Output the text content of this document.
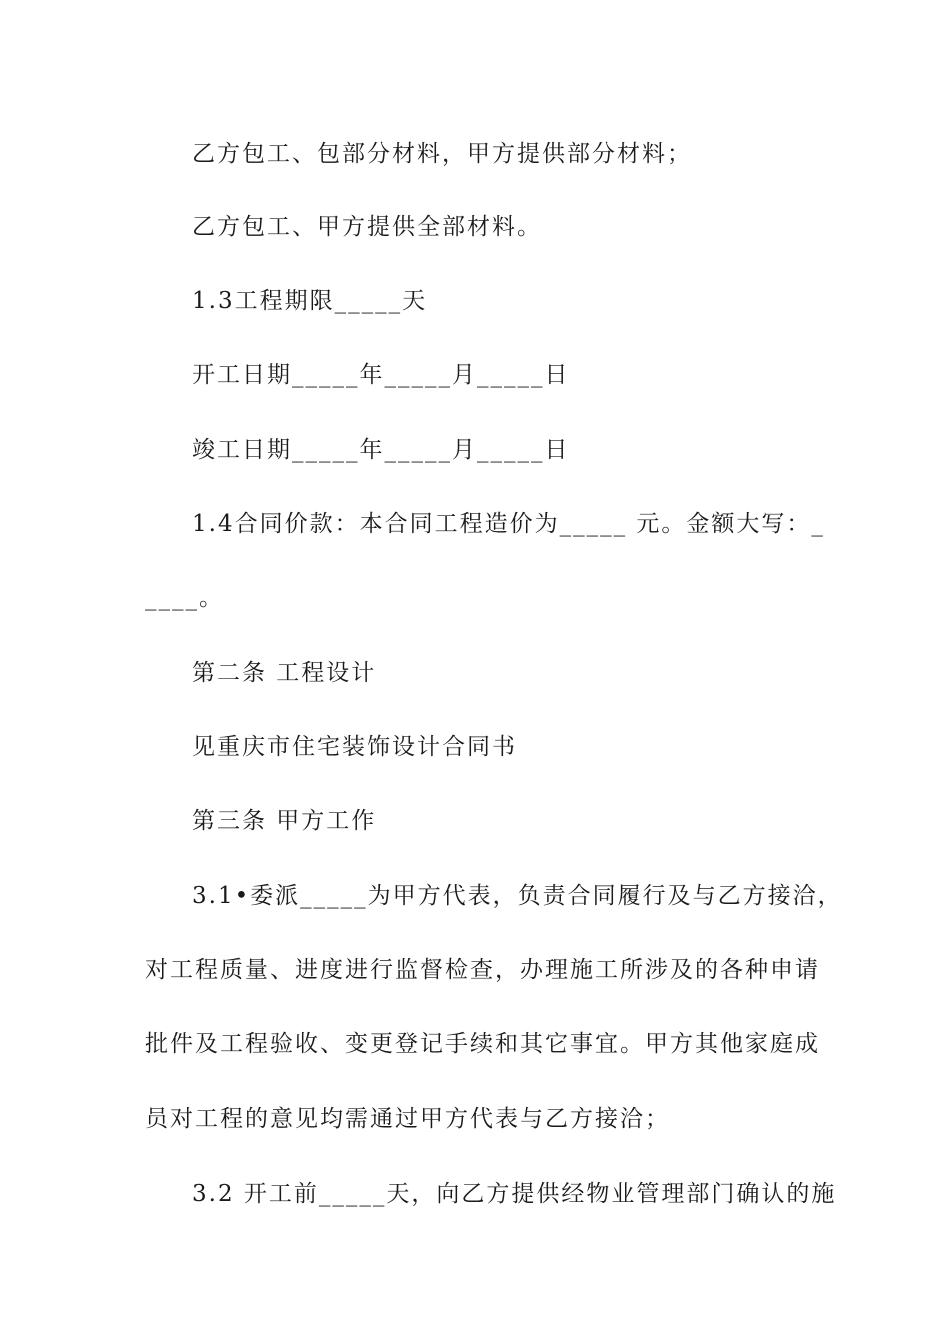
乙方包工、包部分材料，甲方提供部分材料；
乙方包工、甲方提供全部材料。
1.3工程期限_____天
开工日期_____年_____月_____日
竣工日期_____年_____月_____日
1.4合同价款：本合同工程造价为_____ 元。金额大写：_
____。
第二条 工程设计
见重庆市住宅装饰设计合同书
第三条 甲方工作
3.1•委派_____为甲方代表，负责合同履行及与乙方接洽，
对工程质量、进度进行监督检查，办理施工所涉及的各种申请
批件及工程验收、变更登记手续和其它事宜。甲方其他家庭成
员对工程的意见均需通过甲方代表与乙方接洽；
3.2 开工前_____天，向乙方提供经物业管理部门确认的施
